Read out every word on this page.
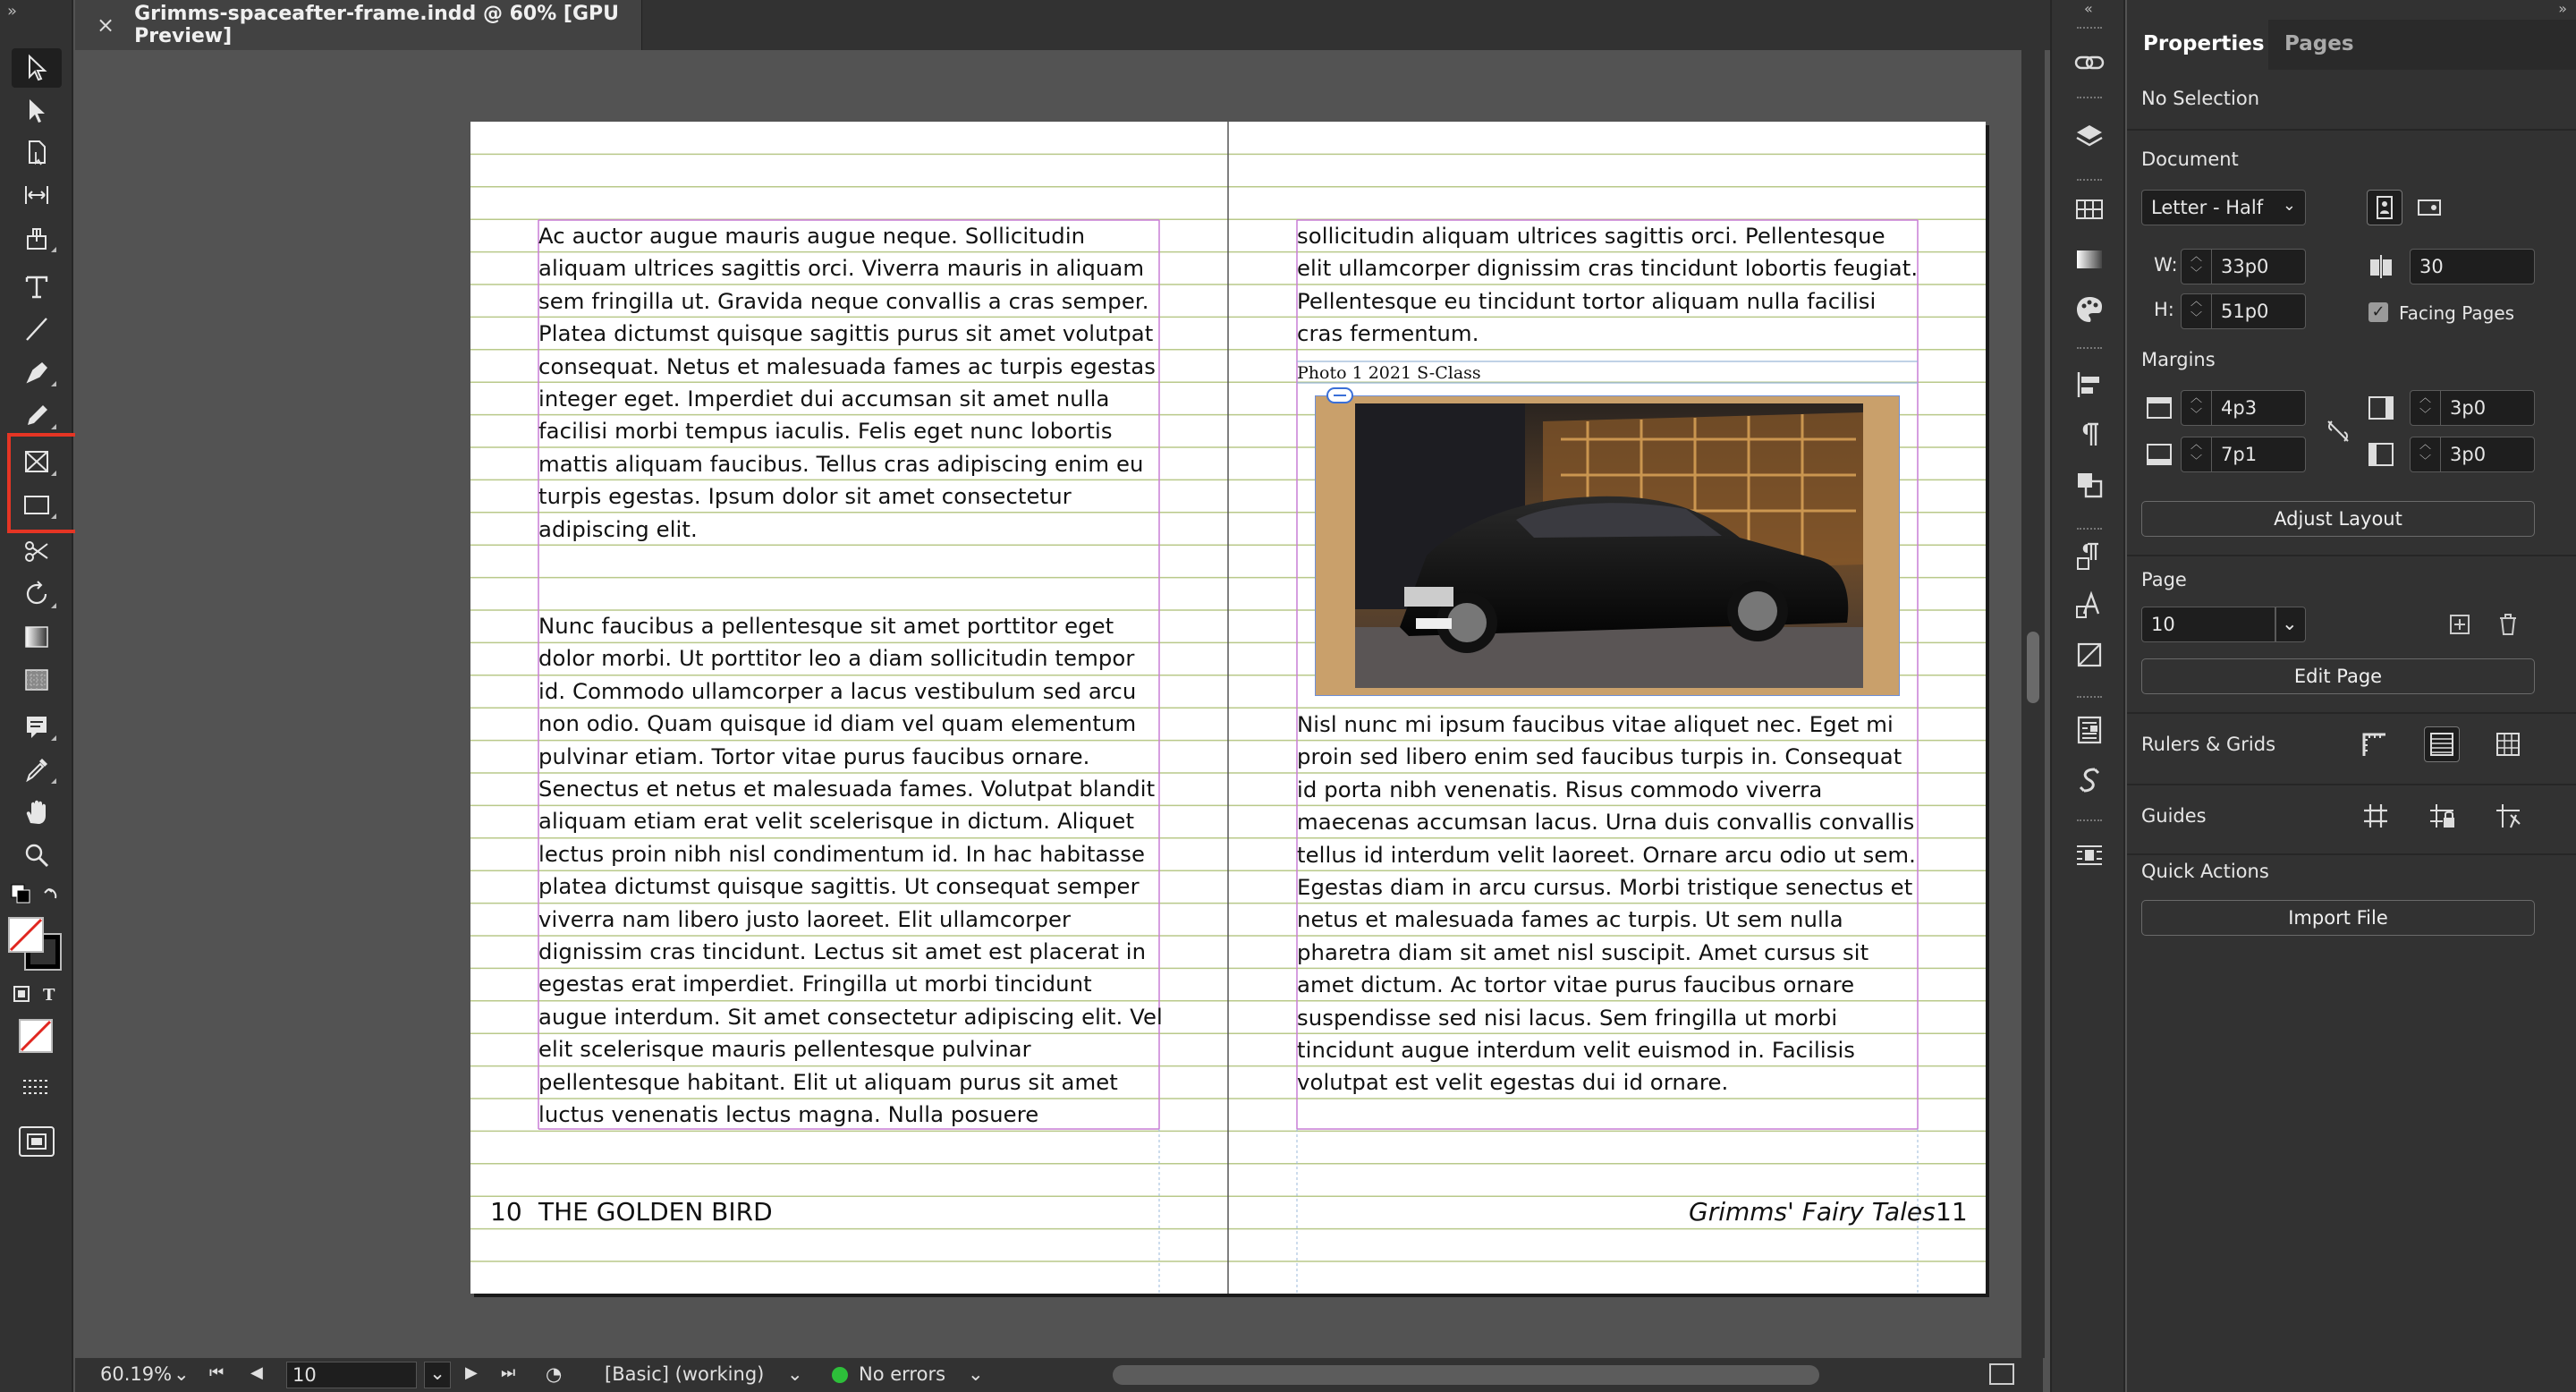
»
T
× Grimms-spaceafter-frame.indd @ 60% [GPU Preview]

Ac auctor augue mauris augue neque. Sollicitudin aliquam ultrices sagittis orci. Viverra mauris in aliquam sem fringilla ut. Gravida neque convallis a cras semper. Platea dictumst quisque sagittis purus sit amet volutpat consequat. Netus et malesuada fames ac turpis egestas integer eget. Imperdiet dui accumsan sit amet nulla facilisi morbi tempus iaculis. Felis eget nunc lobortis mattis aliquam faucibus. Tellus cras adipiscing enim eu turpis egestas. Ipsum dolor sit amet consectetur adipiscing elit.

Nunc faucibus a pellentesque sit amet porttitor eget dolor morbi. Ut porttitor leo a diam sollicitudin tempor id. Commodo ullamcorper a lacus vestibulum sed arcu non odio. Quam quisque id diam vel quam elementum pulvinar etiam. Tortor vitae purus faucibus ornare. Senectus et netus et malesuada fames. Volutpat blandit aliquam etiam erat velit scelerisque in dictum. Aliquet lectus proin nibh nisl condimentum id. In hac habitasse platea dictumst quisque sagittis. Ut consequat semper viverra nam libero justo laoreet. Elit ullamcorper dignissim cras tincidunt. Lectus sit amet est placerat in egestas erat imperdiet. Fringilla ut morbi tincidunt augue interdum. Sit amet consectetur adipiscing elit. Vel elit scelerisque mauris pellentesque pulvinar pellentesque habitant. Elit ut aliquam purus sit amet luctus venenatis lectus magna. Nulla posuere

sollicitudin aliquam ultrices sagittis orci. Pellentesque elit ullamcorper dignissim cras tincidunt lobortis feugiat. Pellentesque eu tincidunt tortor aliquam nulla facilisi cras fermentum.

Photo 1 2021 S-Class

Nisl nunc mi ipsum faucibus vitae aliquet nec. Eget mi proin sed libero enim sed faucibus turpis in. Consequat id porta nibh venenatis. Risus commodo viverra maecenas accumsan lacus. Urna duis convallis convallis tellus id interdum velit laoreet. Ornare arcu odio ut sem. Egestas diam in arcu cursus. Morbi tristique senectus et netus et malesuada fames ac turpis. Ut sem nulla pharetra diam sit amet nisl suscipit. Amet cursus sit amet dictum. Ac tortor vitae purus faucibus ornare suspendisse sed nisi lacus. Sem fringilla ut morbi tincidunt augue interdum velit euismod in. Facilisis volutpat est velit egestas dui id ornare.

10 THE GOLDEN BIRD	Grimms' Fairy Tales 11
60.19% ⌄ ⏮ ◀	10	⌄	▶ ⏭ ◔ [Basic] (working) ⌄	No errors ⌄
«	»
Properties Pages
No Selection
Document
Letter - Half ⌄
W:	︿
﹀	33p0
H:	︿
﹀	51p0
30
✓ Facing Pages
Margins
︿
﹀	4p3
︿
﹀	7p1
︿
﹀	3p0
︿
﹀	3p0
Adjust Layout
Page
10	⌄
Edit Page
Rulers & Grids
Guides
Quick Actions
Import File
